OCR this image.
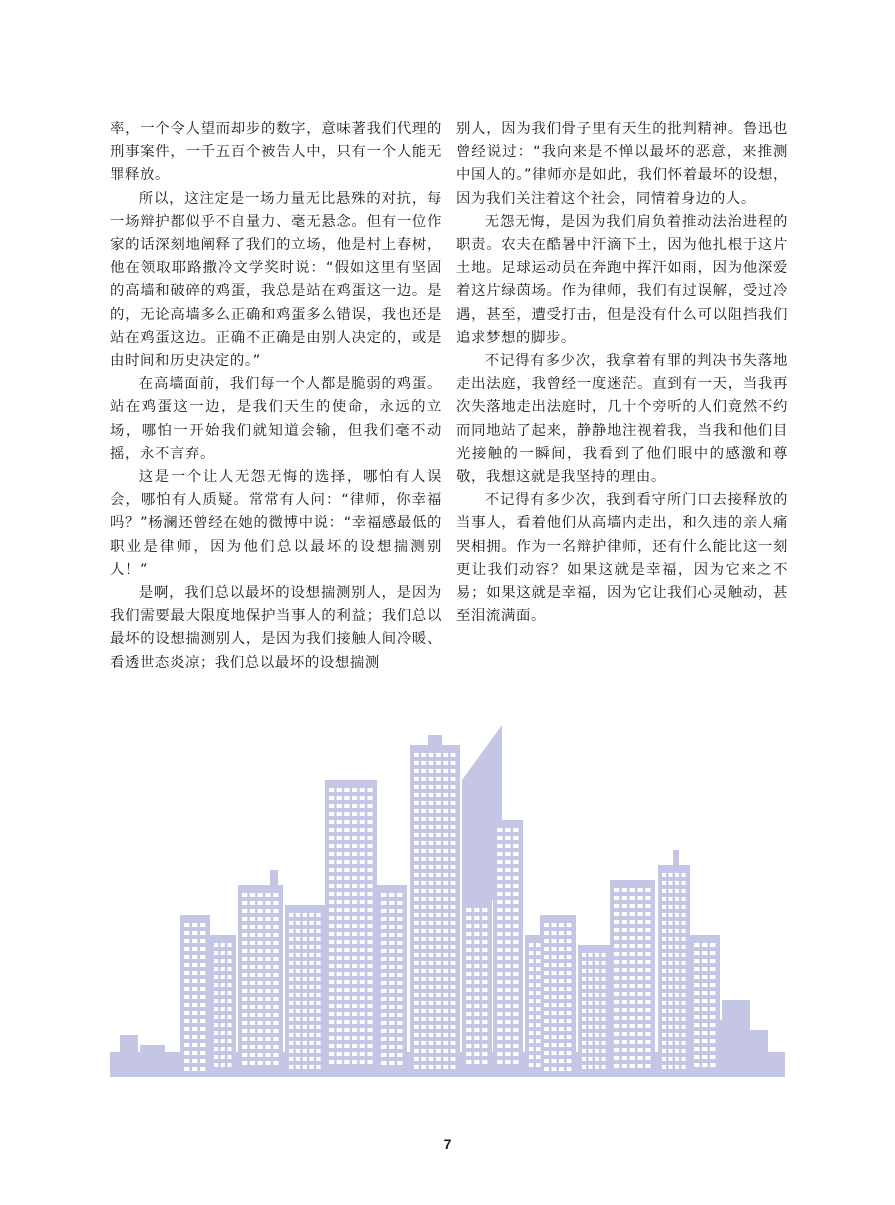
率，一个令人望而却步的数字，意味著我们代理的刑事案件，一千五百个被告人中，只有一个人能无罪释放。

所以，这注定是一场力量无比悬殊的对抗，每一场辩护都似乎不自量力、毫无悬念。但有一位作家的话深刻地阐释了我们的立场，他是村上春树，他在领取耶路撒冷文学奖时说：“假如这里有坚固的高墙和破碎的鸡蛋，我总是站在鸡蛋这一边。是的，无论高墙多么正确和鸡蛋多么错误，我也还是站在鸡蛋这边。正确不正确是由别人决定的，或是由时间和历史决定的。”

在高墙面前，我们每一个人都是脆弱的鸡蛋。站在鸡蛋这一边，是我们天生的使命，永远的立场，哪怕一开始我们就知道会输，但我们毫不动摇，永不言弃。

这是一个让人无怨无悔的选择，哪怕有人误会，哪怕有人质疑。常常有人问：“律师，你幸福吗？”杨澜还曾经在她的微博中说：“幸福感最低的职业是律师，因为他们总以最坏的设想揣测别人！”

是啊，我们总以最坏的设想揣测别人，是因为我们需要最大限度地保护当事人的利益；我们总以最坏的设想揣测别人，是因为我们接触人间冷暖、看透世态炎凉；我们总以最坏的设想揣测

别人，因为我们骨子里有天生的批判精神。鲁迅也曾经说过：“我向来是不惮以最坏的恶意，来推测中国人的。”律师亦是如此，我们怀着最坏的设想，因为我们关注着这个社会，同情着身边的人。

无怨无悔，是因为我们肩负着推动法治进程的职责。农夫在酷暑中汗滴下土，因为他扎根于这片土地。足球运动员在奔跑中挥汗如雨，因为他深爱着这片绿茵场。作为律师，我们有过误解，受过冷遇，甚至，遭受打击，但是没有什么可以阻挡我们追求梦想的脚步。

不记得有多少次，我拿着有罪的判决书失落地走出法庭，我曾经一度迷茫。直到有一天，当我再次失落地走出法庭时，几十个旁听的人们竟然不约而同地站了起来，静静地注视着我，当我和他们目光接触的一瞬间，我看到了他们眼中的感激和尊敬，我想这就是我坚持的理由。

不记得有多少次，我到看守所门口去接释放的当事人，看着他们从高墙内走出，和久违的亲人痛哭相拥。作为一名辩护律师，还有什么能比这一刻更让我们动容？如果这就是幸福，因为它来之不易；如果这就是幸福，因为它让我们心灵触动，甚至泪流满面。

7
